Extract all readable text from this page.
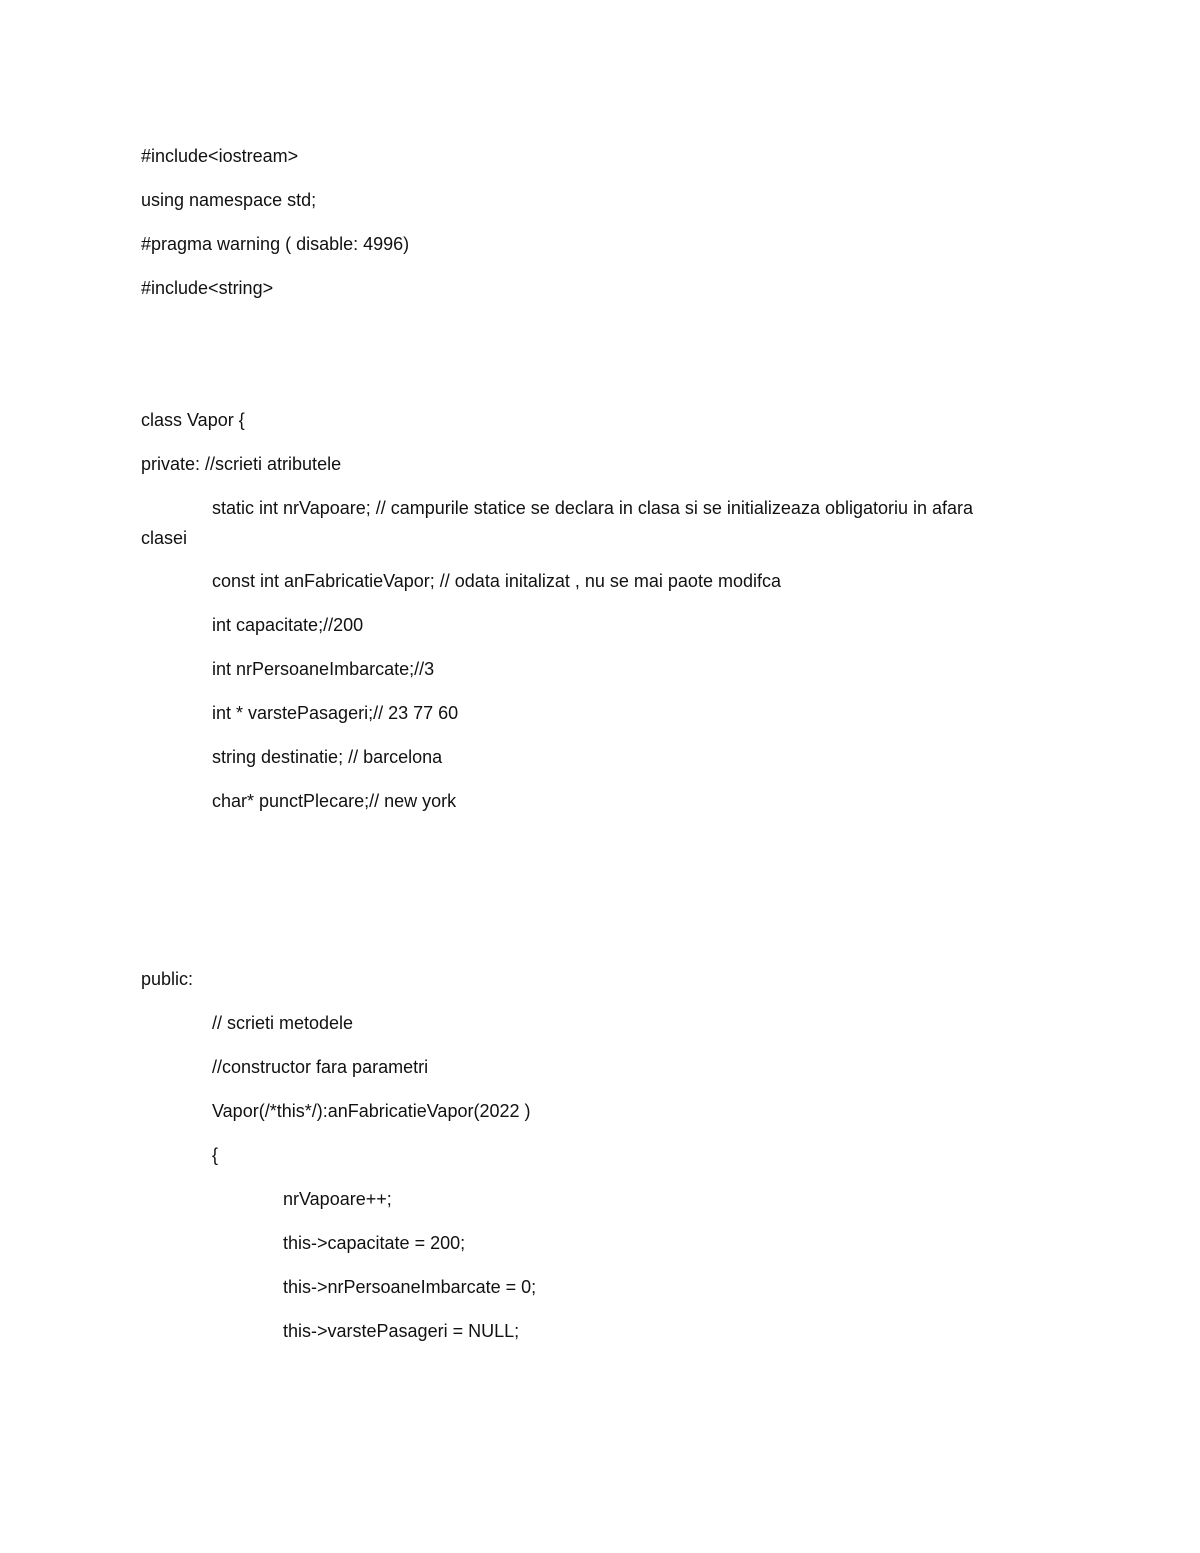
#include<iostream>
using namespace std;
#pragma warning ( disable: 4996)
#include<string>
class Vapor {
private: //scrieti atributele
static int nrVapoare; // campurile statice se declara in clasa si se initializeaza obligatoriu in afara
clasei
const int anFabricatieVapor; // odata initalizat , nu se mai paote modifca
int capacitate;//200
int nrPersoaneImbarcate;//3
int * varstePasageri;// 23 77 60
string destinatie; // barcelona
char* punctPlecare;// new york
public:
// scrieti metodele
//constructor fara parametri
Vapor(/*this*/):anFabricatieVapor(2022 )
{
nrVapoare++;
this->capacitate = 200;
this->nrPersoaneImbarcate = 0;
this->varstePasageri = NULL;
